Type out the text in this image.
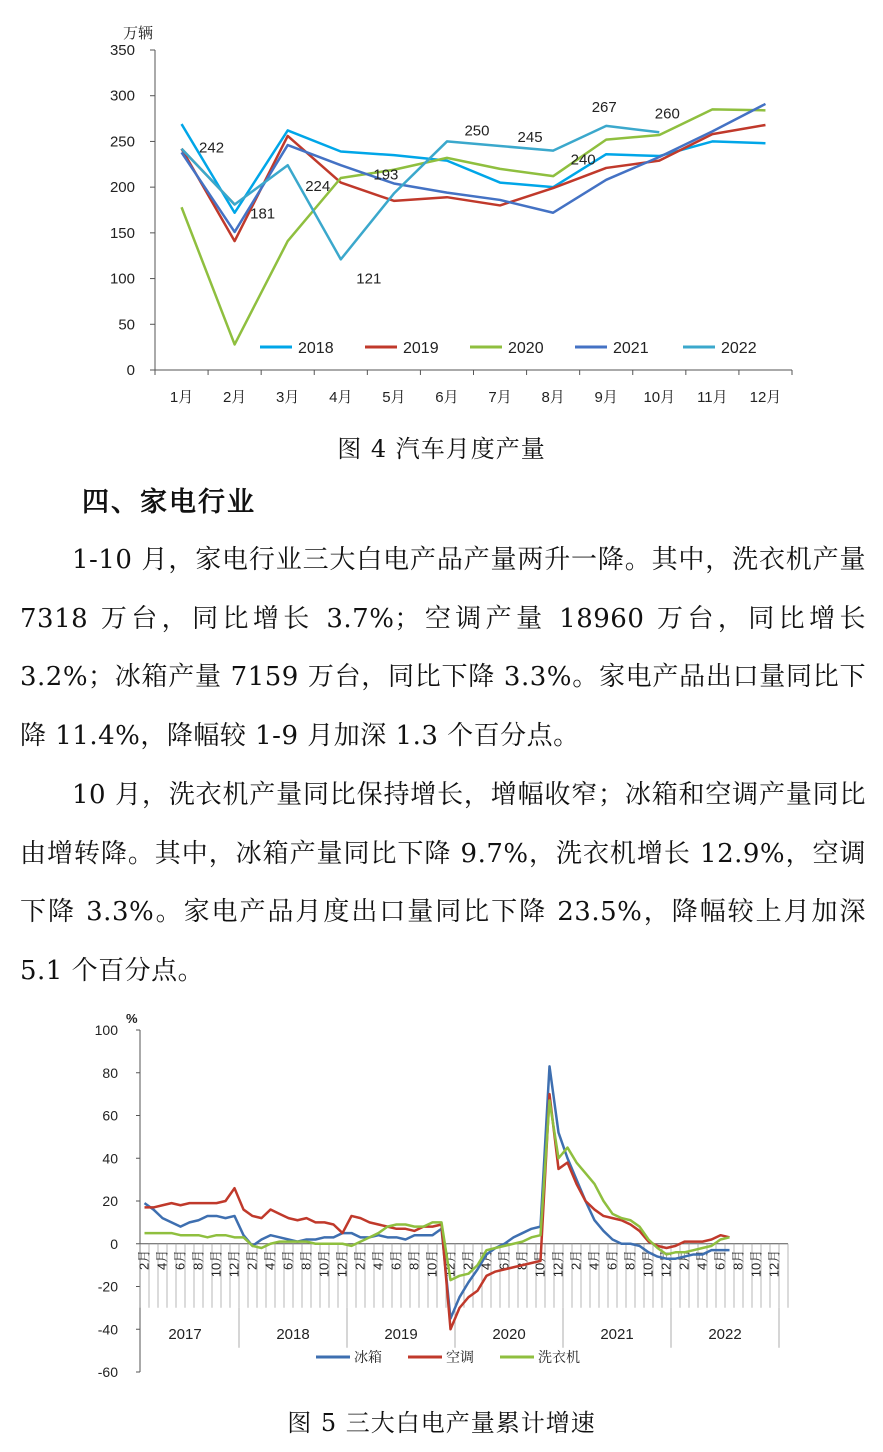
万辆
0
50
100
150
200
250
300
350
1月 2月 3月 4月 5月 6月 7月 8月 9月 10月 11月 12月
242
181
224
121
193
250 245
240
267	260
2018	2019	2020	2021	2022
图 4 汽车月度产量
四、家电行业

1-10 月，家电行业三大白电产品产量两升一降。其中，洗衣机产量 7318 万台，同比增长 3.7%；空调产量 18960 万台，同比增长 3.2%；冰箱产量 7159 万台，同比下降 3.3%。家电产品出口量同比下降 11.4%，降幅较 1-9 月加深 1.3 个百分点。

10 月，洗衣机产量同比保持增长，增幅收窄；冰箱和空调产量同比由增转降。其中，冰箱产量同比下降 9.7%，洗衣机增长 12.9%，空调下降 3.3%。家电产品月度出口量同比下降 23.5%，降幅较上月加深 5.1 个百分点。

%
-60
-40
-20
0
20
40
60
80
100
2月 4月 6月 8月 10月 12月 2月 4月 6月 8月 10月 12月 2月 4月 6月 8月 10月 12月 2月 4月 6月 8月 10月 12月 2月 4月 6月 8月 10月 12月 2月 4月 6月 8月 10月 12月
2017	2018	2019	2020	2021	2022
冰箱	空调	洗衣机
图 5 三大白电产量累计增速
